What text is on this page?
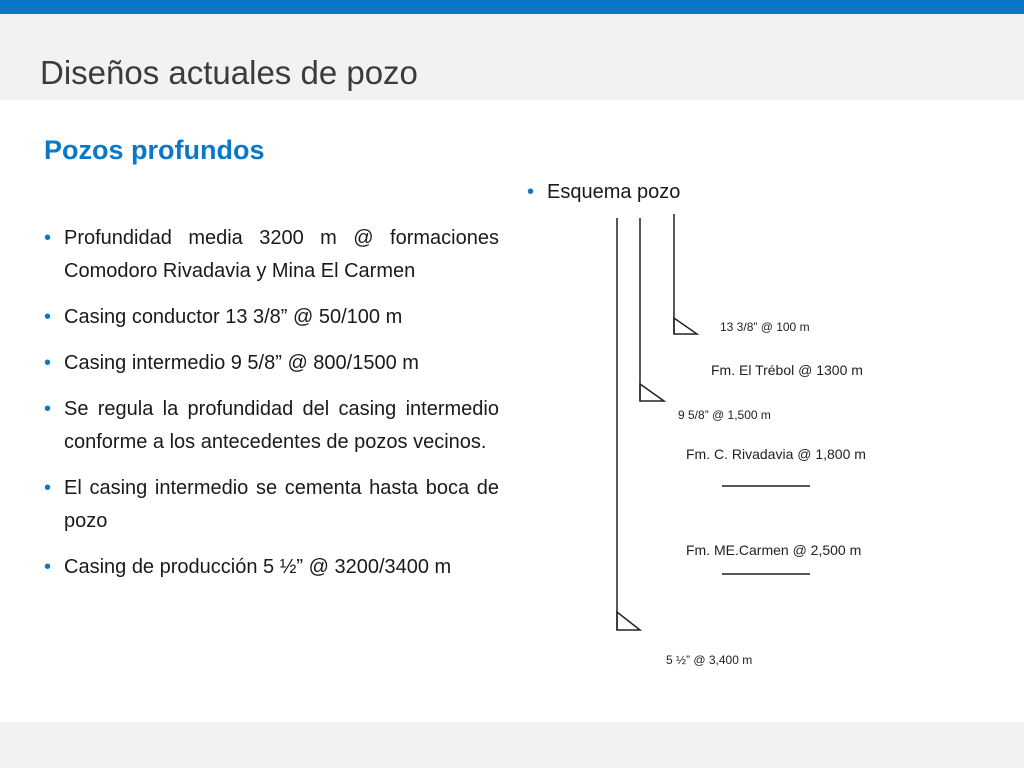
Diseños actuales de pozo
Pozos profundos
• Profundidad media 3200 m @ formaciones Comodoro Rivadavia y Mina El Carmen
• Casing conductor 13 3/8” @ 50/100 m
• Casing intermedio 9 5/8” @ 800/1500 m
• Se regula la profundidad del casing intermedio conforme a los antecedentes de pozos vecinos.
• El casing intermedio se cementa hasta boca de pozo
• Casing de producción 5 ½” @ 3200/3400 m
• Esquema pozo
13 3/8” @ 100 m
Fm. El Trébol @ 1300 m
9 5/8” @ 1,500 m
Fm. C. Rivadavia @ 1,800 m
Fm. ME.Carmen @ 2,500 m
5 ½” @ 3,400 m
